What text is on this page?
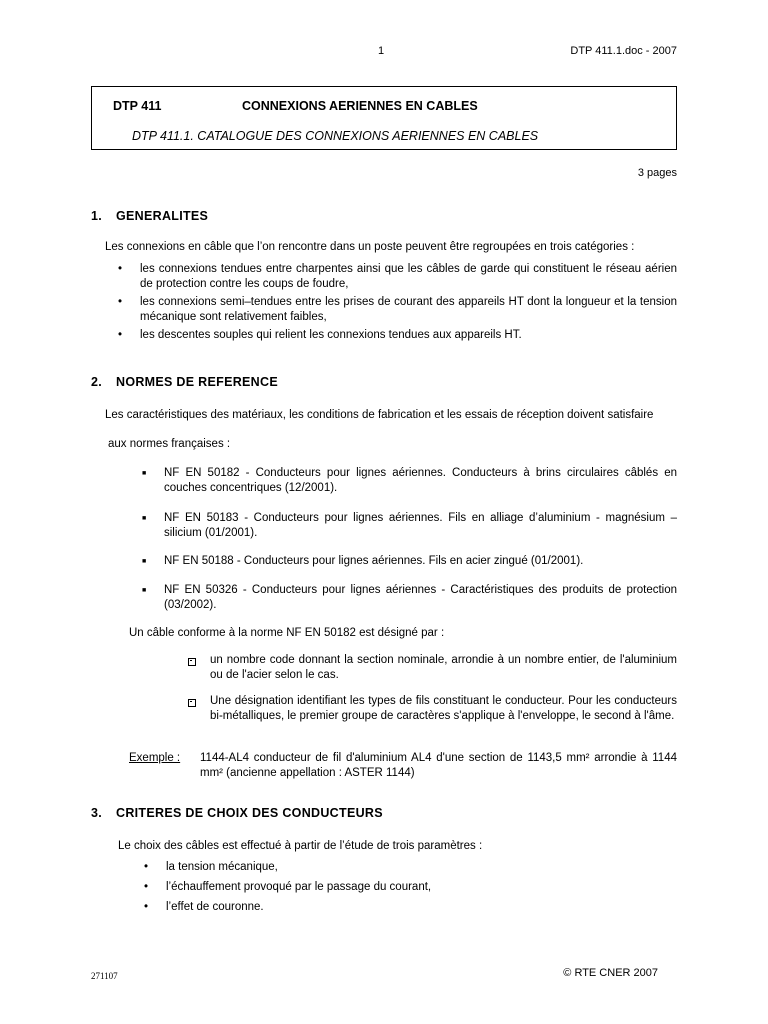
1	DTP 411.1.doc - 2007
DTP 411	CONNEXIONS AERIENNES EN CABLES
DTP 411.1. CATALOGUE DES CONNEXIONS AERIENNES EN CABLES
3 pages
1. GENERALITES

Les connexions en câble que l’on rencontre dans un poste peuvent être regroupées en trois catégories :

• les connexions tendues entre charpentes ainsi que les câbles de garde qui constituent le réseau aérien de protection contre les coups de foudre,
• les connexions semi–tendues entre les prises de courant des appareils HT dont la longueur et la tension mécanique sont relativement faibles,
• les descentes souples qui relient les connexions tendues aux appareils HT.
2. NORMES DE REFERENCE

Les caractéristiques des matériaux, les conditions de fabrication et les essais de réception doivent satisfaire

aux normes françaises :

■ NF EN 50182 - Conducteurs pour lignes aériennes. Conducteurs à brins circulaires câblés en couches concentriques (12/2001).
■ NF EN 50183 - Conducteurs pour lignes aériennes. Fils en alliage d’aluminium - magnésium – silicium (01/2001).
■ NF EN 50188 - Conducteurs pour lignes aériennes. Fils en acier zingué (01/2001).
■ NF EN 50326 - Conducteurs pour lignes aériennes - Caractéristiques des produits de protection (03/2002).

Un câble conforme à la norme NF EN 50182 est désigné par :

un nombre code donnant la section nominale, arrondie à un nombre entier, de l'aluminium ou de l'acier selon le cas.
Une désignation identifiant les types de fils constituant le conducteur. Pour les conducteurs bi-métalliques, le premier groupe de caractères s'applique à l'enveloppe, le second à l'âme.
Exemple : 1144-AL4 conducteur de fil d'aluminium AL4 d'une section de 1143,5 mm² arrondie à 1144 mm² (ancienne appellation : ASTER 1144)

3. CRITERES DE CHOIX DES CONDUCTEURS

Le choix des câbles est effectué à partir de l’étude de trois paramètres :

• la tension mécanique,
• l’échauffement provoqué par le passage du courant,
• l’effet de couronne.
271107	© RTE CNER 2007
